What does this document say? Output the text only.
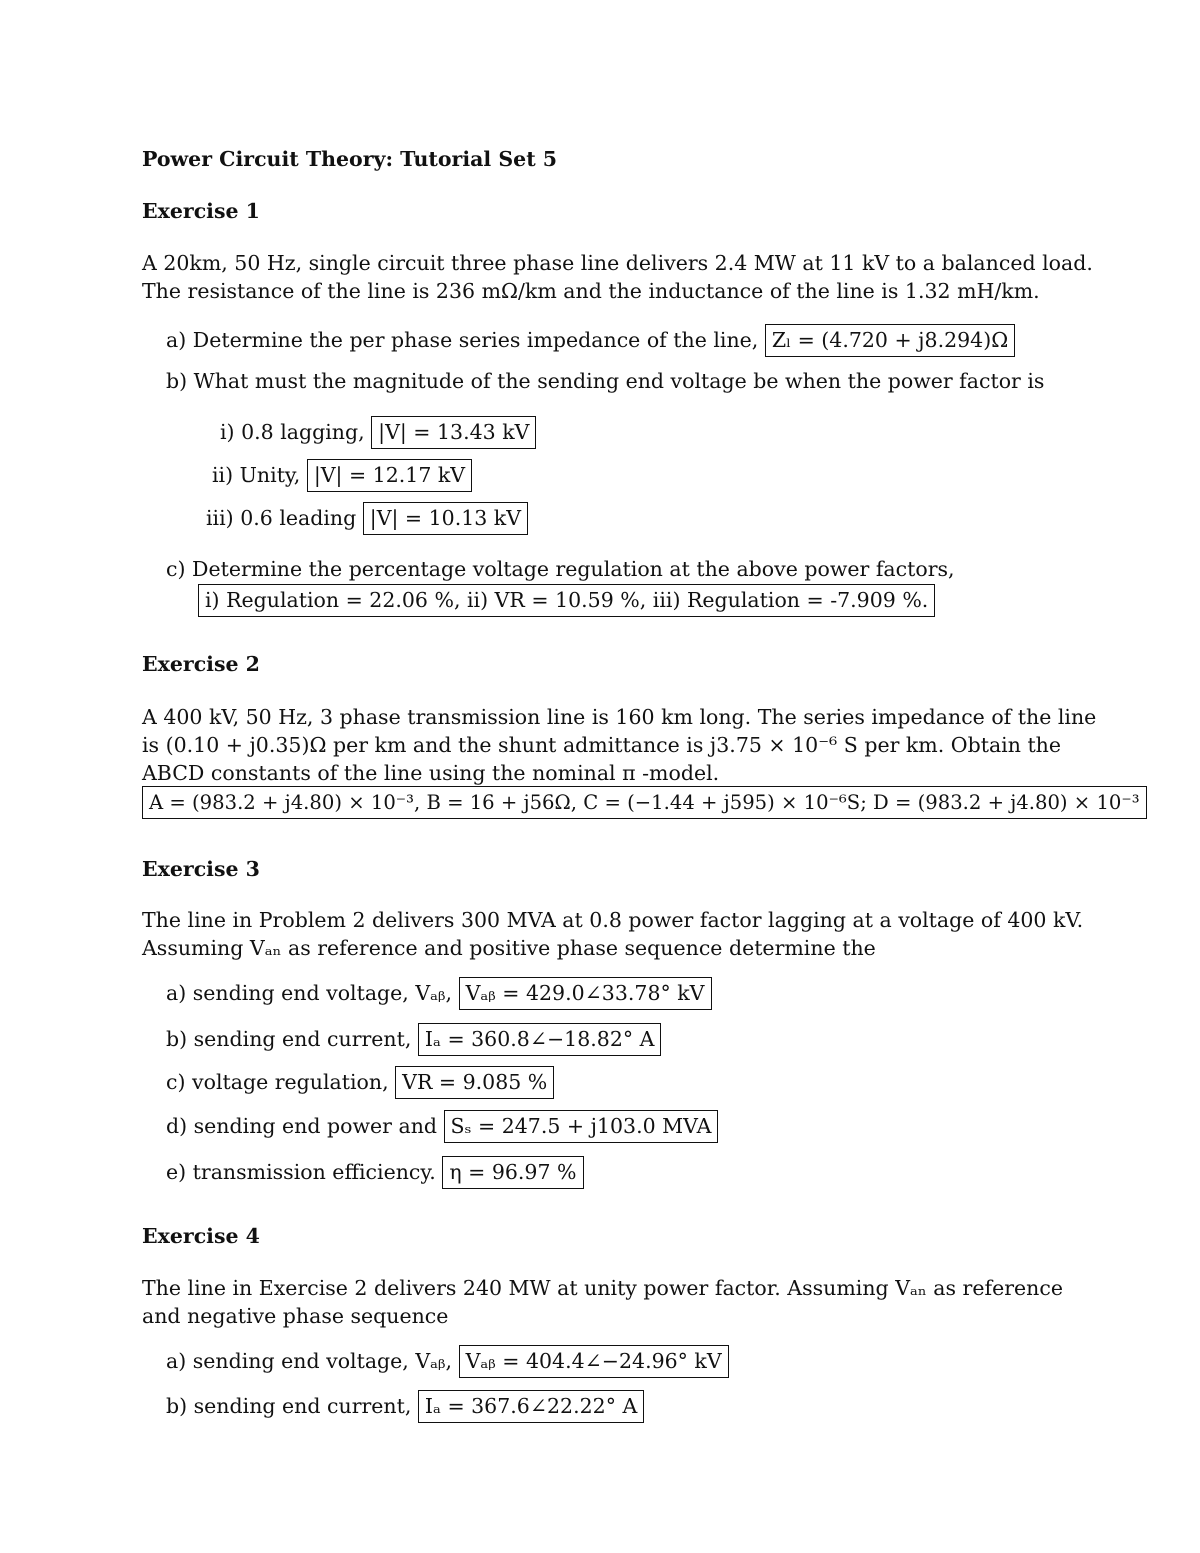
Power Circuit Theory: Tutorial Set 5
Exercise 1
A 20km, 50 Hz, single circuit three phase line delivers 2.4 MW at 11 kV to a balanced load.
The resistance of the line is 236 mΩ/km and the inductance of the line is 1.32 mH/km.
a) Determine the per phase series impedance of the line, Zₗ = (4.720 + j8.294)Ω
b) What must the magnitude of the sending end voltage be when the power factor is
i) 0.8 lagging, |V| = 13.43 kV
ii) Unity, |V| = 12.17 kV
iii) 0.6 leading |V| = 10.13 kV
c) Determine the percentage voltage regulation at the above power factors,
i) Regulation = 22.06 %, ii) VR = 10.59 %, iii) Regulation = -7.909 %.
Exercise 2
A 400 kV, 50 Hz, 3 phase transmission line is 160 km long. The series impedance of the line
is (0.10 + j0.35)Ω per km and the shunt admittance is j3.75 × 10⁻⁶ S per km. Obtain the
ABCD constants of the line using the nominal π -model.
A = (983.2 + j4.80) × 10⁻³, B = 16 + j56Ω, C = (−1.44 + j595) × 10⁻⁶S; D = (983.2 + j4.80) × 10⁻³
Exercise 3
The line in Problem 2 delivers 300 MVA at 0.8 power factor lagging at a voltage of 400 kV.
Assuming Vₐₙ as reference and positive phase sequence determine the
a) sending end voltage, Vₐᵦ, Vₐᵦ = 429.0∠33.78° kV
b) sending end current, Iₐ = 360.8∠−18.82° A
c) voltage regulation, VR = 9.085 %
d) sending end power and Sₛ = 247.5 + j103.0 MVA
e) transmission efficiency. η = 96.97 %
Exercise 4
The line in Exercise 2 delivers 240 MW at unity power factor. Assuming Vₐₙ as reference
and negative phase sequence
a) sending end voltage, Vₐᵦ, Vₐᵦ = 404.4∠−24.96° kV
b) sending end current, Iₐ = 367.6∠22.22° A
